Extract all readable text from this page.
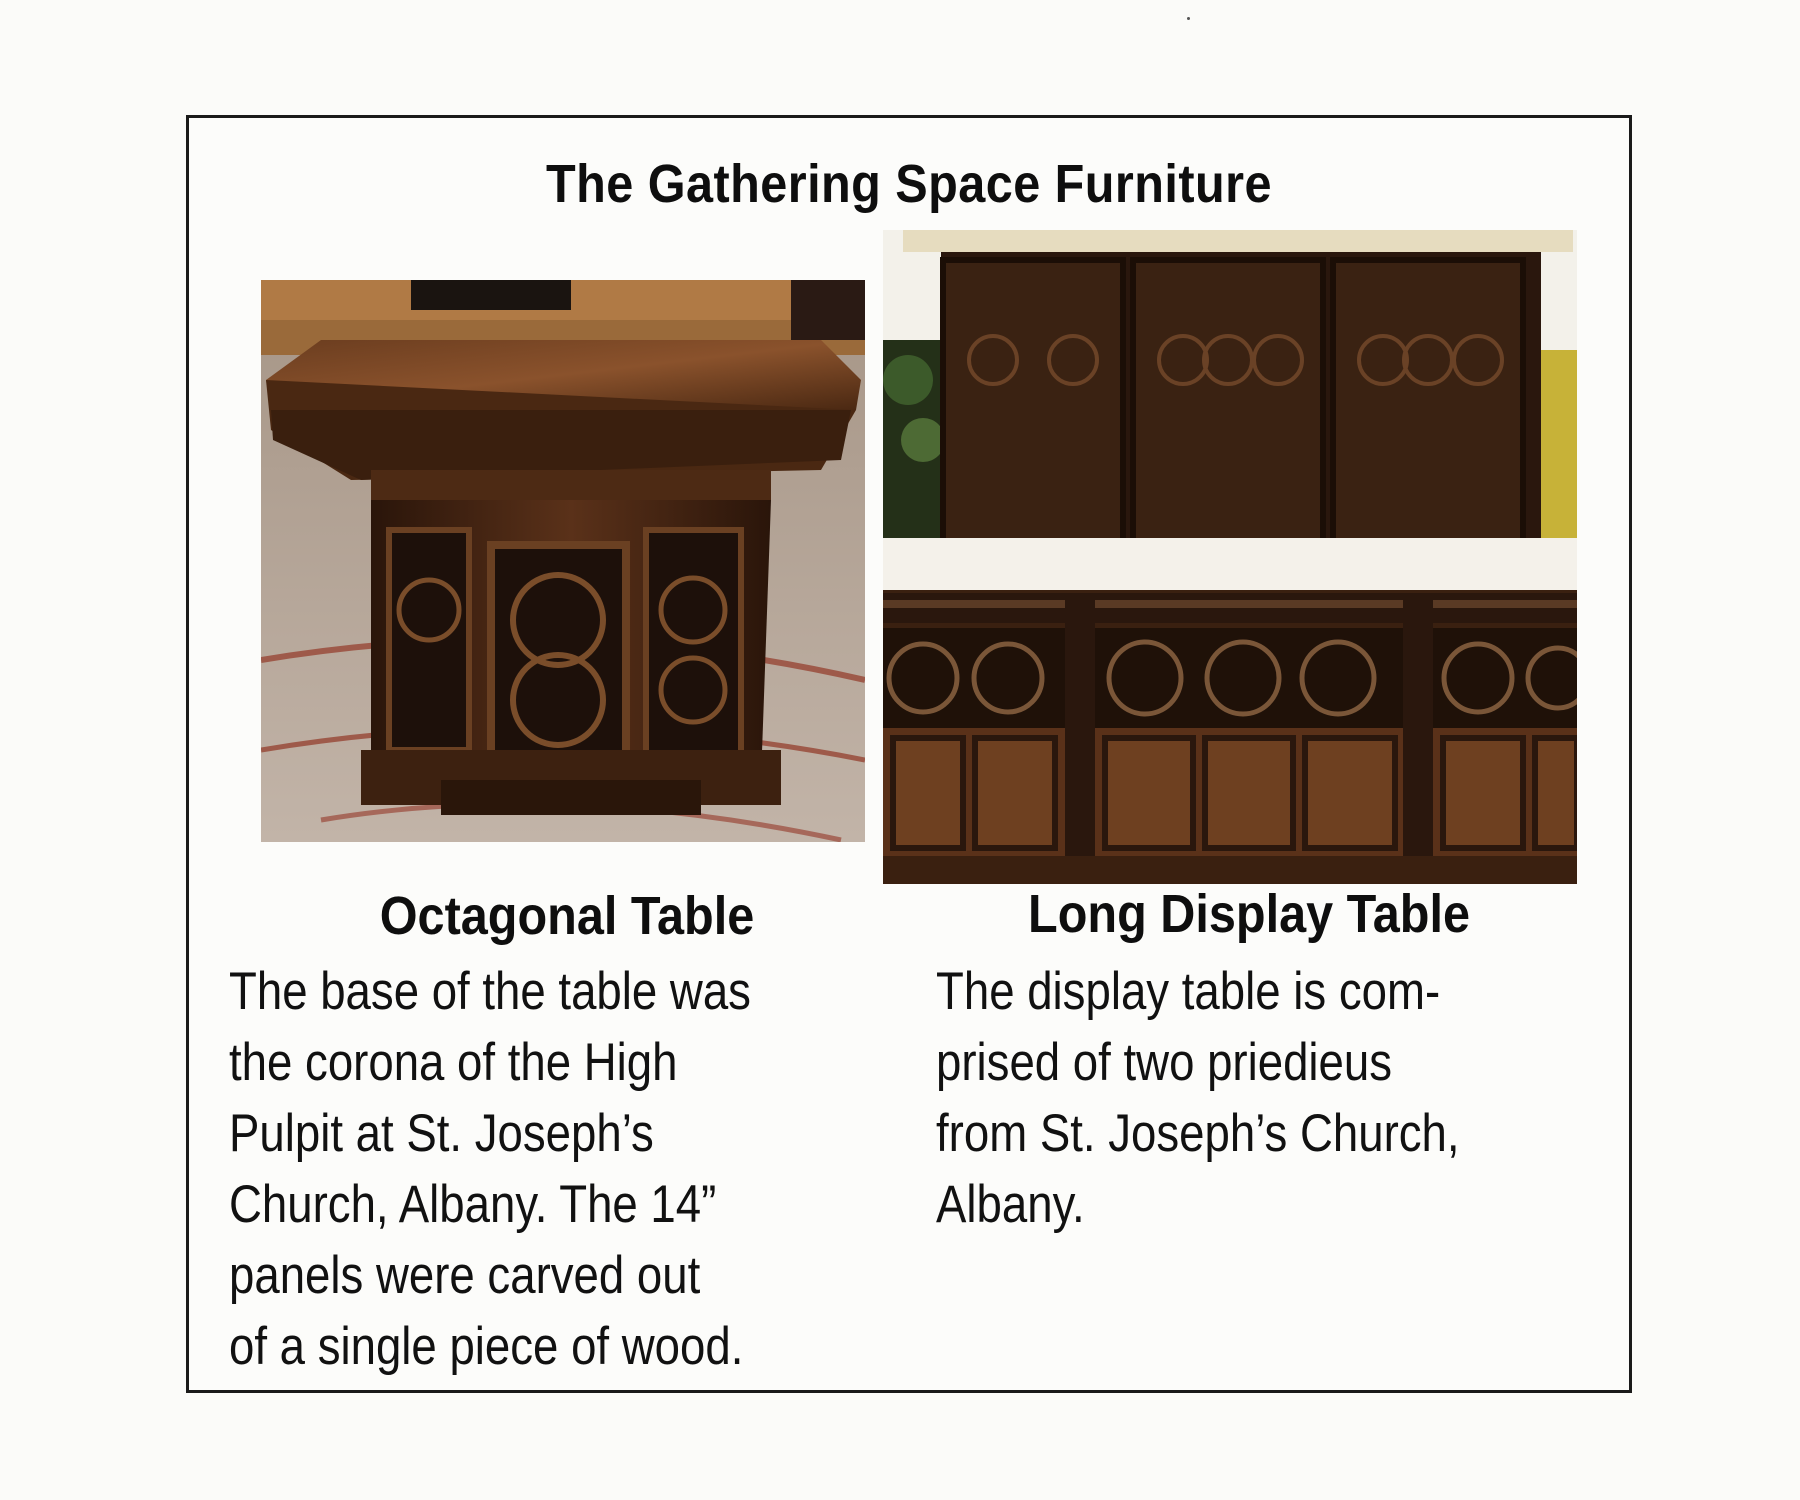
The Gathering Space Furniture
Octagonal Table	Long Display Table
The base of the table was
the corona of the High
Pulpit at St. Joseph’s
Church, Albany. The 14”
panels were carved out
of a single piece of wood.
The display table is com-
prised of two priedieus
from St. Joseph’s Church,
Albany.
